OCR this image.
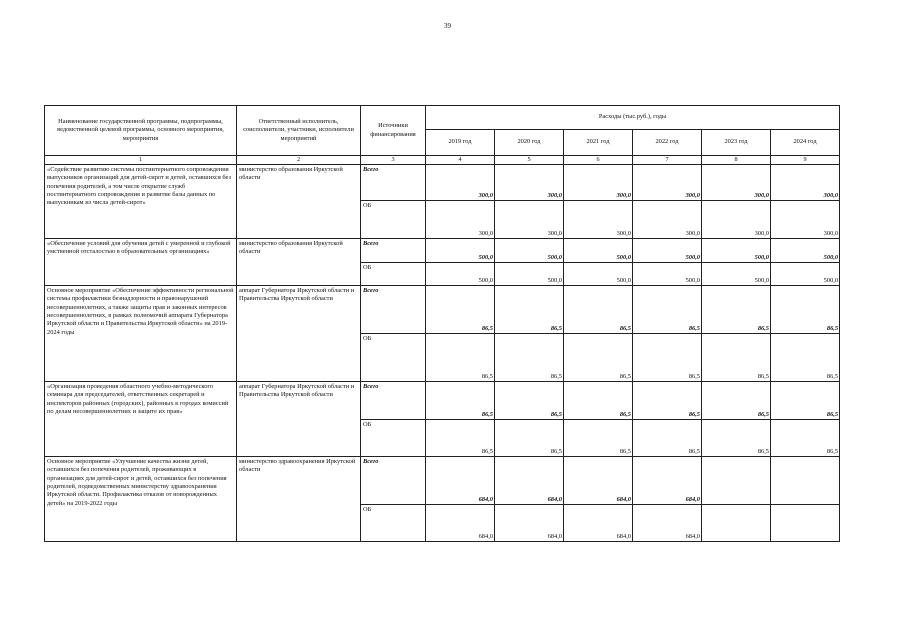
39
Наименование государственной программы, подпрограммы, ведомственной целевой программы, основного мероприятия, мероприятия	Ответственный исполнитель, соисполнители, участники, исполнители мероприятий	Источники финансирования	Расходы (тыс.руб.), годы					
			2019 год	2020 год	2021 год	2022 год	2023 год	2024 год
1	2	3	4	5	6	7	8	9
«Содействие развитию системы постинтернатного сопровождения выпускников организаций для детей-сирот и детей, оставшихся без попечения родителей, а том числе открытие служб постинтернатного сопровождения и развитие базы данных по выпускникам из числа детей-сирот»	министерство образования Иркутской области	Всего	300,0	300,0	300,0	300,0	300,0	300,0
		ОБ	300,0	300,0	300,0	300,0	300,0	300,0
«Обеспечение условий для обучения детей с умеренной и глубокой умственной отсталостью в образовательных организациях»	министерство образования Иркутской области	Всего	500,0	500,0	500,0	500,0	500,0	500,0
		ОБ	500,0	500,0	500,0	500,0	500,0	500,0
Основное мероприятие «Обеспечение эффективности региональной системы профилактики безнадзорности и правонарушений несовершеннолетних, а также защиты прав и законных интересов несовершеннолетних, в рамках полномочий аппарата Губернатора Иркутской области и Правительства Иркутской области» на 2019-2024 годы	аппарат Губернатора Иркутской области и Правительства Иркутской области	Всего	86,5	86,5	86,5	86,5	86,5	86,5
		ОБ	86,5	86,5	86,5	86,5	86,5	86,5
«Организация проведения областного учебно-методического семинара для председателей, ответственных секретарей и инспекторов районных (городских), районных в городах комиссий по делам несовершеннолетних и защите их прав»	аппарат Губернатора Иркутской области и Правительства Иркутской области	Всего	86,5	86,5	86,5	86,5	86,5	86,5
		ОБ	86,5	86,5	86,5	86,5	86,5	86,5
Основное мероприятие «Улучшение качества жизни детей, оставшихся без попечения родителей, проживающих в организациях для детей-сирот и детей, оставшихся без попечения родителей, подведомственных министерству здравоохранения Иркутской области. Профилактика отказов от новорожденных детей» на 2019-2022 годы	министерство здравоохранения Иркутской области	Всего	684,0	684,0	684,0	684,0		
		ОБ	684,0	684,0	684,0	684,0		
